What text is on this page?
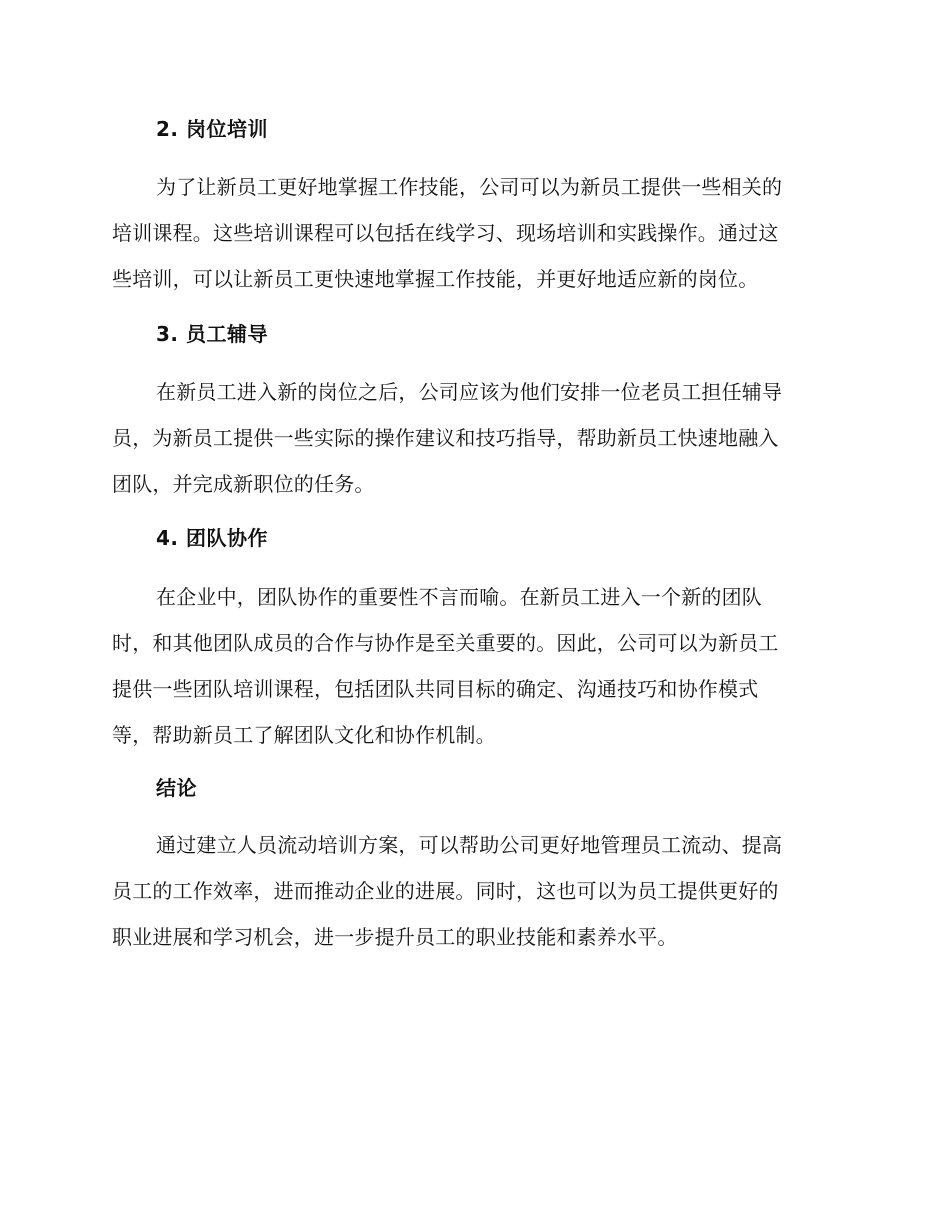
2. 岗位培训
为了让新员工更好地掌握工作技能，公司可以为新员工提供一些相关的
培训课程。这些培训课程可以包括在线学习、现场培训和实践操作。通过这
些培训，可以让新员工更快速地掌握工作技能，并更好地适应新的岗位。
3. 员工辅导
在新员工进入新的岗位之后，公司应该为他们安排一位老员工担任辅导
员，为新员工提供一些实际的操作建议和技巧指导，帮助新员工快速地融入
团队，并完成新职位的任务。
4. 团队协作
在企业中，团队协作的重要性不言而喻。在新员工进入一个新的团队
时，和其他团队成员的合作与协作是至关重要的。因此，公司可以为新员工
提供一些团队培训课程，包括团队共同目标的确定、沟通技巧和协作模式
等，帮助新员工了解团队文化和协作机制。
结论
通过建立人员流动培训方案，可以帮助公司更好地管理员工流动、提高
员工的工作效率，进而推动企业的进展。同时，这也可以为员工提供更好的
职业进展和学习机会，进一步提升员工的职业技能和素养水平。
